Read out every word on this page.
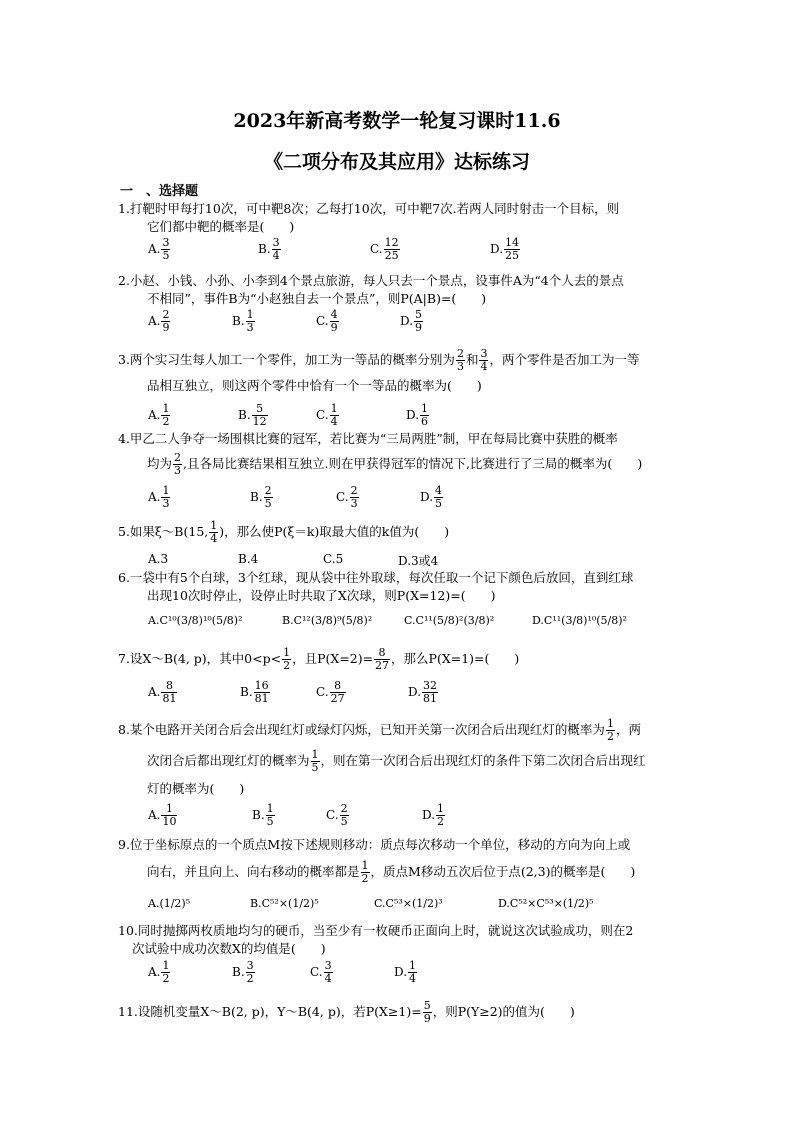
2023年新高考数学一轮复习课时11.6
《二项分布及其应用》达标练习
一　、选择题
1.打靶时甲每打10次，可中靶8次；乙每打10次，可中靶7次.若两人同时射击一个目标，则
它们都中靶的概率是(　　)
A. $\frac{3}{5}$	B. $\frac{3}{4}$	C. $\frac{12}{25}$	D. $\frac{14}{25}$
2.小赵、小钱、小孙、小李到4个景点旅游，每人只去一个景点，设事件A为“4个人去的景点
不相同”，事件B为“小赵独自去一个景点”，则P(A|B)=(　　)
A. $\frac{2}{9}$	B. $\frac{1}{3}$	C. $\frac{4}{9}$	D. $\frac{5}{9}$
3.两个实习生每人加工一个零件，加工为一等品的概率分别为 $\frac{2}{3}$ 和 $\frac{3}{4}$ ，两个零件是否加工为一等
品相互独立，则这两个零件中恰有一个一等品的概率为(　　)
A. $\frac{1}{2}$	B. $\frac{5}{12}$	C. $\frac{1}{4}$	D. $\frac{1}{6}$
4.甲乙二人争夺一场围棋比赛的冠军，若比赛为“三局两胜”制，甲在每局比赛中获胜的概率
均为 $\frac{2}{3}$ ,且各局比赛结果相互独立.则在甲获得冠军的情况下,比赛进行了三局的概率为(　　)
A. $\frac{1}{3}$	B. $\frac{2}{5}$	C. $\frac{2}{3}$	D. $\frac{4}{5}$
5.如果ξ～B(15, $\frac{1}{4}$ )，那么使P(ξ＝k)取最大值的k值为(　　)
A.3	B.4	C.5	D.3或4
6.一袋中有5个白球，3个红球，现从袋中往外取球，每次任取一个记下颜色后放回，直到红球
出现10次时停止，设停止时共取了X次球，则P(X=12)=(　　)
A.C¹⁰(3/8)¹⁰(5/8)²	B.C¹²(3/8)⁹(5/8)²	C.C¹¹(5/8)²(3/8)²	D.C¹¹(3/8)¹⁰(5/8)²
7.设X～B(4, p)，其中$0<p< \frac{1}{2}$ ，且$P(X=2)= \frac{8}{27}$ ，那么P(X=1)=(　　)
A. $\frac{8}{81}$	B. $\frac{16}{81}$	C. $\frac{8}{27}$	D. $\frac{32}{81}$
8.某个电路开关闭合后会出现红灯或绿灯闪烁，已知开关第一次闭合后出现红灯的概率为 $\frac{1}{2}$ ，两
次闭合后都出现红灯的概率为 $\frac{1}{5}$ ，则在第一次闭合后出现红灯的条件下第二次闭合后出现红
灯的概率为(　　)
A. $\frac{1}{10}$	B. $\frac{1}{5}$	C. $\frac{2}{5}$	D. $\frac{1}{2}$
9.位于坐标原点的一个质点M按下述规则移动：质点每次移动一个单位，移动的方向为向上或
向右，并且向上、向右移动的概率都是 $\frac{1}{2}$ ，质点M移动五次后位于点(2,3)的概率是(　　)
A.(1/2)⁵	B.C⁵²×(1/2)⁵	C.C⁵³×(1/2)³	D.C⁵²×C⁵³×(1/2)⁵
10.同时抛掷两枚质地均匀的硬币，当至少有一枚硬币正面向上时，就说这次试验成功，则在2
次试验中成功次数X的均值是(　　)
A. $\frac{1}{2}$	B. $\frac{3}{2}$	C. $\frac{3}{4}$	D. $\frac{1}{4}$
11.设随机变量X～B(2, p)，Y～B(4, p)，若$P(X\ge 1)= \frac{5}{9}$ ，则P(Y≥2)的值为(　　)
